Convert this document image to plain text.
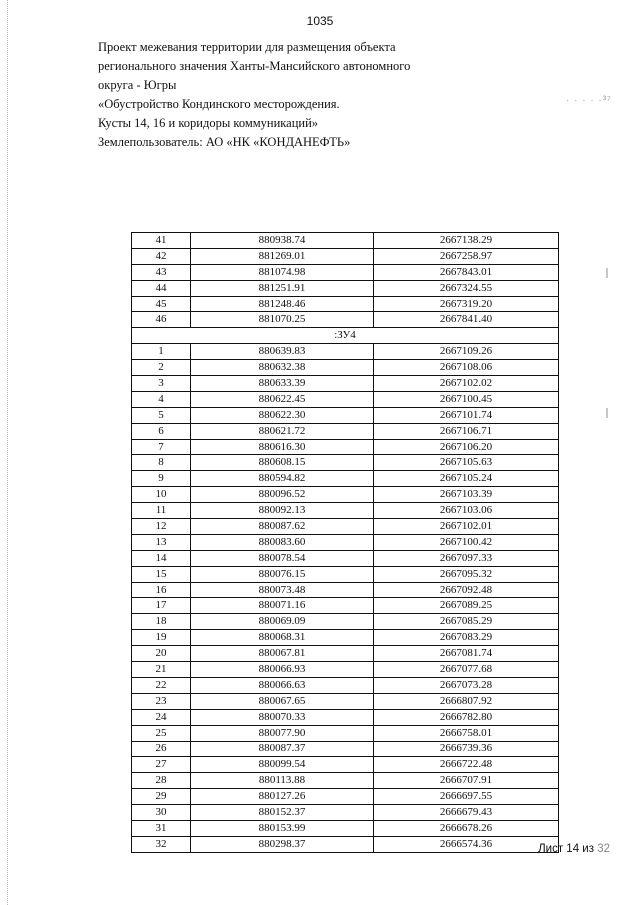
1035
Проект межевания территории для размещения объекта
регионального значения Ханты-Мансийского автономного
округа - Югры
«Обустройство Кондинского месторождения.
Кусты 14, 16 и коридоры коммуникаций»
Землепользователь: АО «НК «КОНДАНЕФТЬ»
· · · · ·³⁷
41	880938.74	2667138.29
42	881269.01	2667258.97
43	881074.98	2667843.01
44	881251.91	2667324.55
45	881248.46	2667319.20
46	881070.25	2667841.40
:ЗУ4		
1	880639.83	2667109.26
2	880632.38	2667108.06
3	880633.39	2667102.02
4	880622.45	2667100.45
5	880622.30	2667101.74
6	880621.72	2667106.71
7	880616.30	2667106.20
8	880608.15	2667105.63
9	880594.82	2667105.24
10	880096.52	2667103.39
11	880092.13	2667103.06
12	880087.62	2667102.01
13	880083.60	2667100.42
14	880078.54	2667097.33
15	880076.15	2667095.32
16	880073.48	2667092.48
17	880071.16	2667089.25
18	880069.09	2667085.29
19	880068.31	2667083.29
20	880067.81	2667081.74
21	880066.93	2667077.68
22	880066.63	2667073.28
23	880067.65	2666807.92
24	880070.33	2666782.80
25	880077.90	2666758.01
26	880087.37	2666739.36
27	880099.54	2666722.48
28	880113.88	2666707.91
29	880127.26	2666697.55
30	880152.37	2666679.43
31	880153.99	2666678.26
32	880298.37	2666574.36	Лист 14 из 32
